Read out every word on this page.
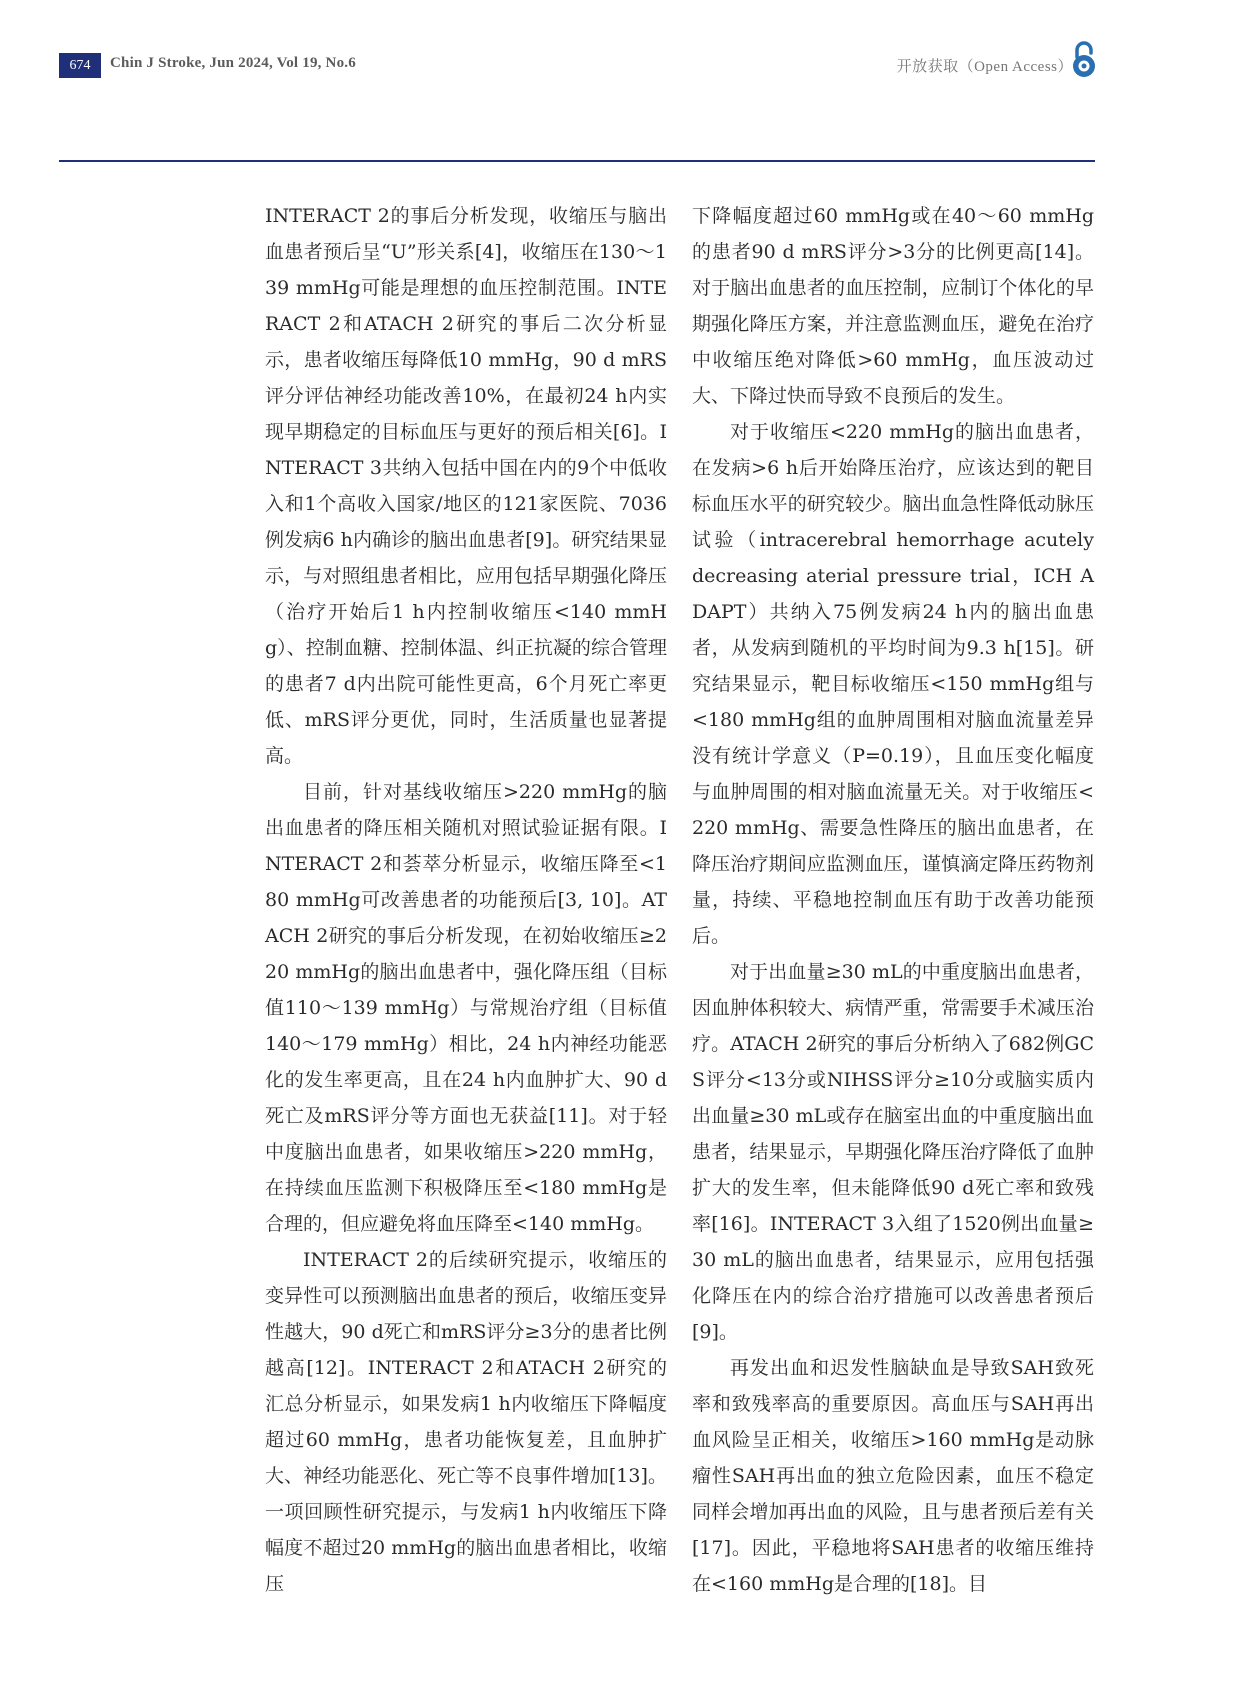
674	Chin J Stroke, Jun 2024, Vol 19, No.6	开放获取（Open Access）

INTERACT 2的事后分析发现，收缩压与脑出血患者预后呈“U”形关系[4]，收缩压在130～139 mmHg可能是理想的血压控制范围。INTERACT 2和ATACH 2研究的事后二次分析显示，患者收缩压每降低10 mmHg，90 d mRS评分评估神经功能改善10%，在最初24 h内实现早期稳定的目标血压与更好的预后相关[6]。INTERACT 3共纳入包括中国在内的9个中低收入和1个高收入国家/地区的121家医院、7036例发病6 h内确诊的脑出血患者[9]。研究结果显示，与对照组患者相比，应用包括早期强化降压（治疗开始后1 h内控制收缩压<140 mmHg）、控制血糖、控制体温、纠正抗凝的综合管理的患者7 d内出院可能性更高，6个月死亡率更低、mRS评分更优，同时，生活质量也显著提高。

目前，针对基线收缩压>220 mmHg的脑出血患者的降压相关随机对照试验证据有限。INTERACT 2和荟萃分析显示，收缩压降至<180 mmHg可改善患者的功能预后[3, 10]。ATACH 2研究的事后分析发现，在初始收缩压≥220 mmHg的脑出血患者中，强化降压组（目标值110～139 mmHg）与常规治疗组（目标值140～179 mmHg）相比，24 h内神经功能恶化的发生率更高，且在24 h内血肿扩大、90 d死亡及mRS评分等方面也无获益[11]。对于轻中度脑出血患者，如果收缩压>220 mmHg，在持续血压监测下积极降压至<180 mmHg是合理的，但应避免将血压降至<140 mmHg。

INTERACT 2的后续研究提示，收缩压的变异性可以预测脑出血患者的预后，收缩压变异性越大，90 d死亡和mRS评分≥3分的患者比例越高[12]。INTERACT 2和ATACH 2研究的汇总分析显示，如果发病1 h内收缩压下降幅度超过60 mmHg，患者功能恢复差，且血肿扩大、神经功能恶化、死亡等不良事件增加[13]。一项回顾性研究提示，与发病1 h内收缩压下降幅度不超过20 mmHg的脑出血患者相比，收缩压

下降幅度超过60 mmHg或在40～60 mmHg的患者90 d mRS评分>3分的比例更高[14]。对于脑出血患者的血压控制，应制订个体化的早期强化降压方案，并注意监测血压，避免在治疗中收缩压绝对降低>60 mmHg，血压波动过大、下降过快而导致不良预后的发生。

对于收缩压<220 mmHg的脑出血患者，在发病>6 h后开始降压治疗，应该达到的靶目标血压水平的研究较少。脑出血急性降低动脉压试验（intracerebral hemorrhage acutely decreasing aterial pressure trial，ICH ADAPT）共纳入75例发病24 h内的脑出血患者，从发病到随机的平均时间为9.3 h[15]。研究结果显示，靶目标收缩压<150 mmHg组与<180 mmHg组的血肿周围相对脑血流量差异没有统计学意义（P=0.19），且血压变化幅度与血肿周围的相对脑血流量无关。对于收缩压<220 mmHg、需要急性降压的脑出血患者，在降压治疗期间应监测血压，谨慎滴定降压药物剂量，持续、平稳地控制血压有助于改善功能预后。

对于出血量≥30 mL的中重度脑出血患者，因血肿体积较大、病情严重，常需要手术减压治疗。ATACH 2研究的事后分析纳入了682例GCS评分<13分或NIHSS评分≥10分或脑实质内出血量≥30 mL或存在脑室出血的中重度脑出血患者，结果显示，早期强化降压治疗降低了血肿扩大的发生率，但未能降低90 d死亡率和致残率[16]。INTERACT 3入组了1520例出血量≥30 mL的脑出血患者，结果显示，应用包括强化降压在内的综合治疗措施可以改善患者预后[9]。

再发出血和迟发性脑缺血是导致SAH致死率和致残率高的重要原因。高血压与SAH再出血风险呈正相关，收缩压>160 mmHg是动脉瘤性SAH再出血的独立危险因素，血压不稳定同样会增加再出血的风险，且与患者预后差有关[17]。因此，平稳地将SAH患者的收缩压维持在<160 mmHg是合理的[18]。目
